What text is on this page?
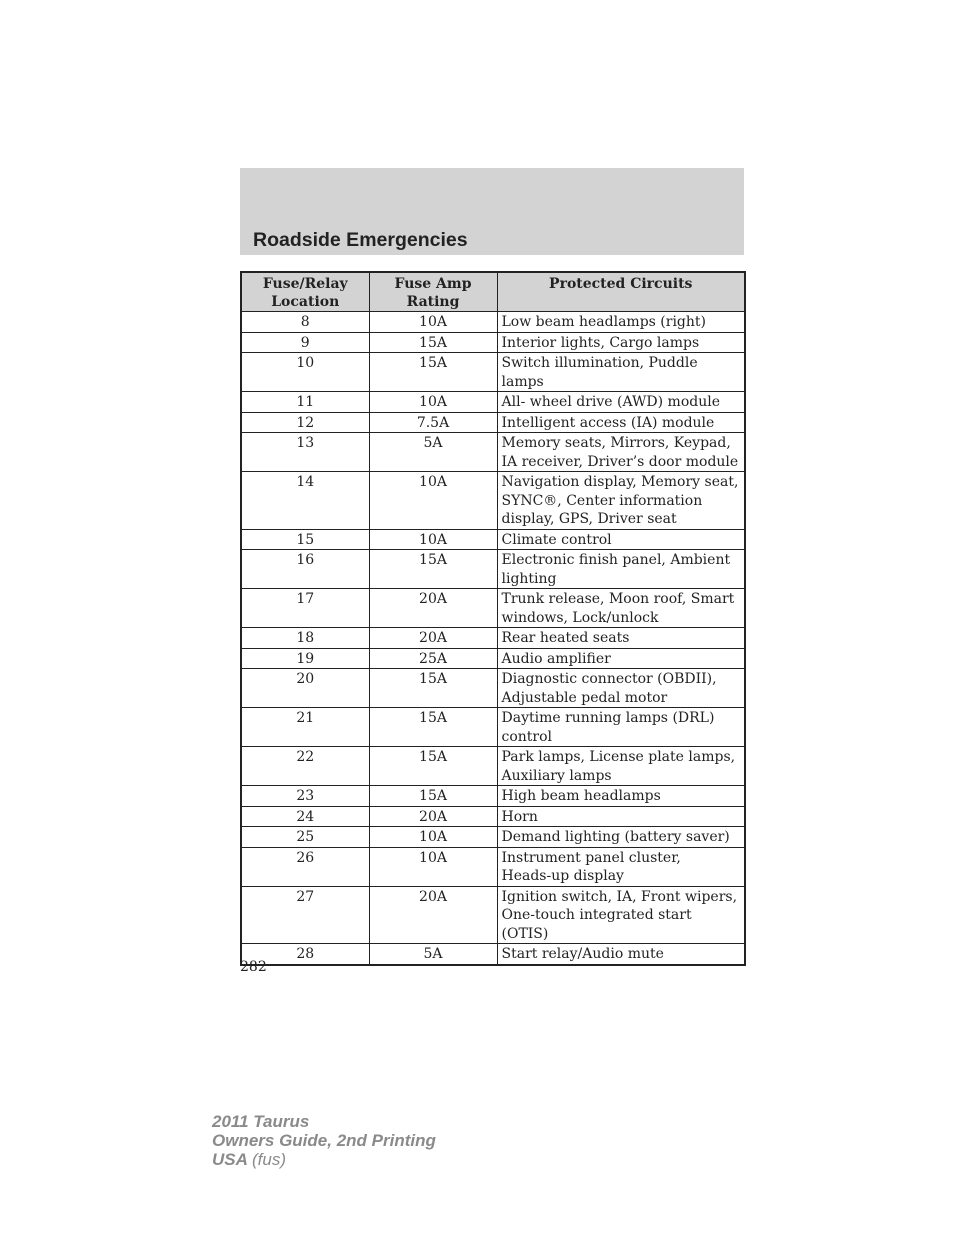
Roadside Emergencies
Fuse/Relay Location	Fuse Amp Rating	Protected Circuits
8	10A	Low beam headlamps (right)

9	15A	Interior lights, Cargo lamps

10	15A	Switch illumination, Puddle lamps

11	10A	All- wheel drive (AWD) module

12	7.5A	Intelligent access (IA) module

13	5A	Memory seats, Mirrors, Keypad,
IA receiver, Driver’s door module

14	10A	Navigation display, Memory seat,
SYNC®, Center information
display, GPS, Driver seat

15	10A	Climate control

16	15A	Electronic finish panel, Ambient
lighting

17	20A	Trunk release, Moon roof, Smart
windows, Lock/unlock

18	20A	Rear heated seats

19	25A	Audio amplifier

20	15A	Diagnostic connector (OBDII),
Adjustable pedal motor

21	15A	Daytime running lamps (DRL)
control

22	15A	Park lamps, License plate lamps,
Auxiliary lamps

23	15A	High beam headlamps

24	20A	Horn

25	10A	Demand lighting (battery saver)

26	10A	Instrument panel cluster,
Heads-up display

27	20A	Ignition switch, IA, Front wipers,
One-touch integrated start (OTIS)

28	5A	Start relay/Audio mute
282
2011 Taurus
Owners Guide, 2nd Printing
USA (fus)
